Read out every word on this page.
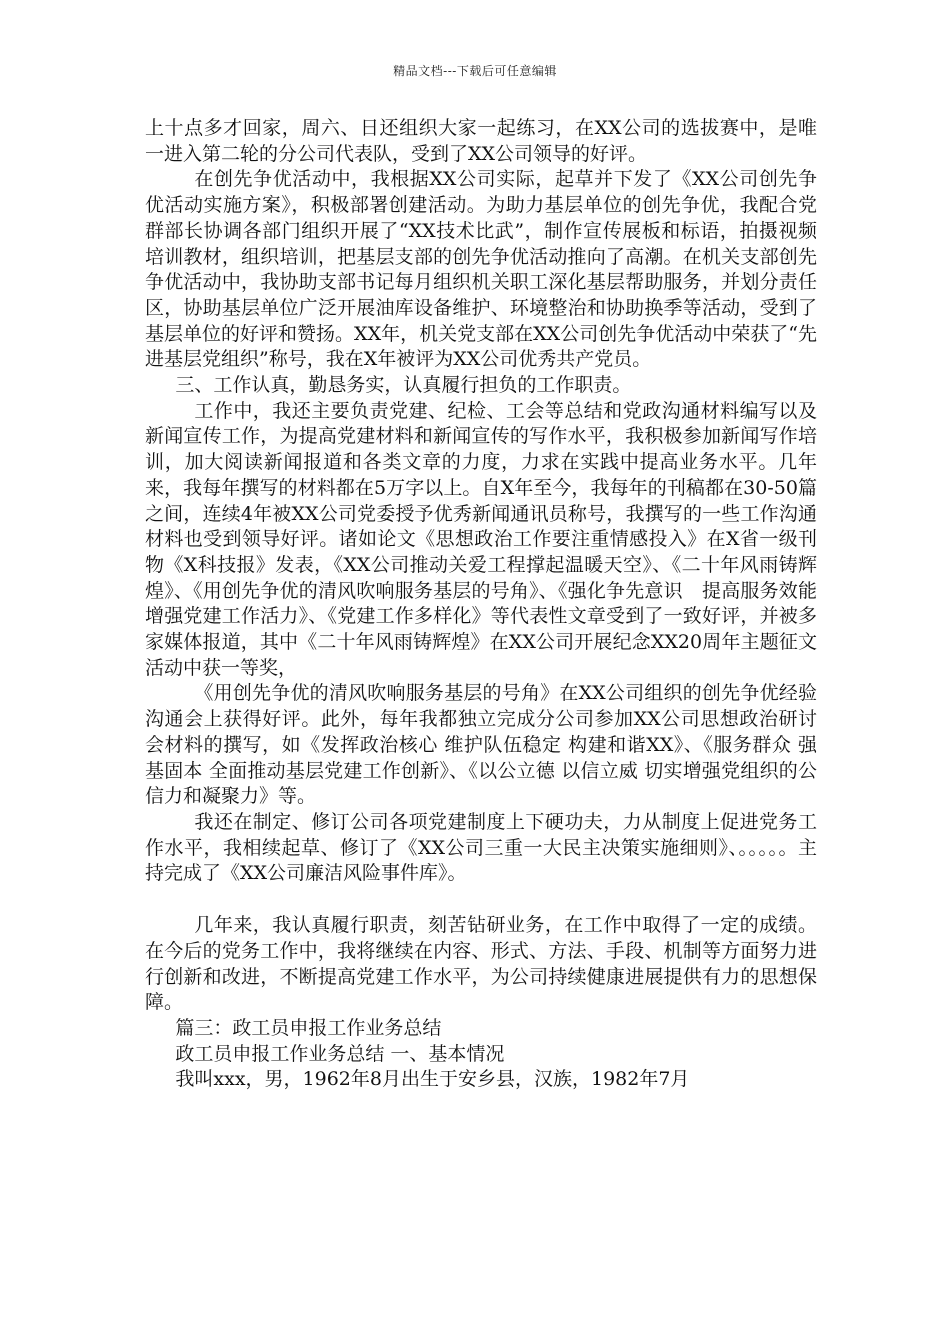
精品文档---下载后可任意编辑

上十点多才回家，周六、日还组织大家一起练习，在XX公司的选拔赛中，是唯一进入第二轮的分公司代表队，受到了XX公司领导的好评。

在创先争优活动中，我根据XX公司实际，起草并下发了《XX公司创先争优活动实施方案》，积极部署创建活动。为助力基层单位的创先争优，我配合党群部长协调各部门组织开展了“XX技术比武”，制作宣传展板和标语，拍摄视频培训教材，组织培训，把基层支部的创先争优活动推向了高潮。在机关支部创先争优活动中，我协助支部书记每月组织机关职工深化基层帮助服务，并划分责任区，协助基层单位广泛开展油库设备维护、环境整治和协助换季等活动，受到了基层单位的好评和赞扬。XX年，机关党支部在XX公司创先争优活动中荣获了“先进基层党组织”称号，我在X年被评为XX公司优秀共产党员。

三、工作认真，勤恳务实，认真履行担负的工作职责。

工作中，我还主要负责党建、纪检、工会等总结和党政沟通材料编写以及新闻宣传工作，为提高党建材料和新闻宣传的写作水平，我积极参加新闻写作培训，加大阅读新闻报道和各类文章的力度，力求在实践中提高业务水平。几年来，我每年撰写的材料都在5万字以上。自X年至今，我每年的刊稿都在30-50篇之间，连续4年被XX公司党委授予优秀新闻通讯员称号，我撰写的一些工作沟通材料也受到领导好评。诸如论文《思想政治工作要注重情感投入》在X省一级刊物《X科技报》发表，《XX公司推动关爱工程撑起温暖天空》、《二十年风雨铸辉煌》、《用创先争优的清风吹响服务基层的号角》、《强化争先意识　提高服务效能 增强党建工作活力》、《党建工作多样化》等代表性文章受到了一致好评，并被多家媒体报道，其中《二十年风雨铸辉煌》在XX公司开展纪念XX20周年主题征文活动中获一等奖，

《用创先争优的清风吹响服务基层的号角》在XX公司组织的创先争优经验沟通会上获得好评。此外，每年我都独立完成分公司参加XX公司思想政治研讨会材料的撰写，如《发挥政治核心 维护队伍稳定 构建和谐XX》、《服务群众 强基固本 全面推动基层党建工作创新》、《以公立德 以信立威 切实增强党组织的公信力和凝聚力》等。

我还在制定、修订公司各项党建制度上下硬功夫，力从制度上促进党务工作水平，我相续起草、修订了《XX公司三重一大民主决策实施细则》、。。。。。主持完成了《XX公司廉洁风险事件库》。

几年来，我认真履行职责，刻苦钻研业务，在工作中取得了一定的成绩。在今后的党务工作中，我将继续在内容、形式、方法、手段、机制等方面努力进行创新和改进，不断提高党建工作水平，为公司持续健康进展提供有力的思想保障。

篇三：政工员申报工作业务总结

政工员申报工作业务总结 一、基本情况

我叫xxx，男，1962年8月出生于安乡县，汉族，1982年7月
